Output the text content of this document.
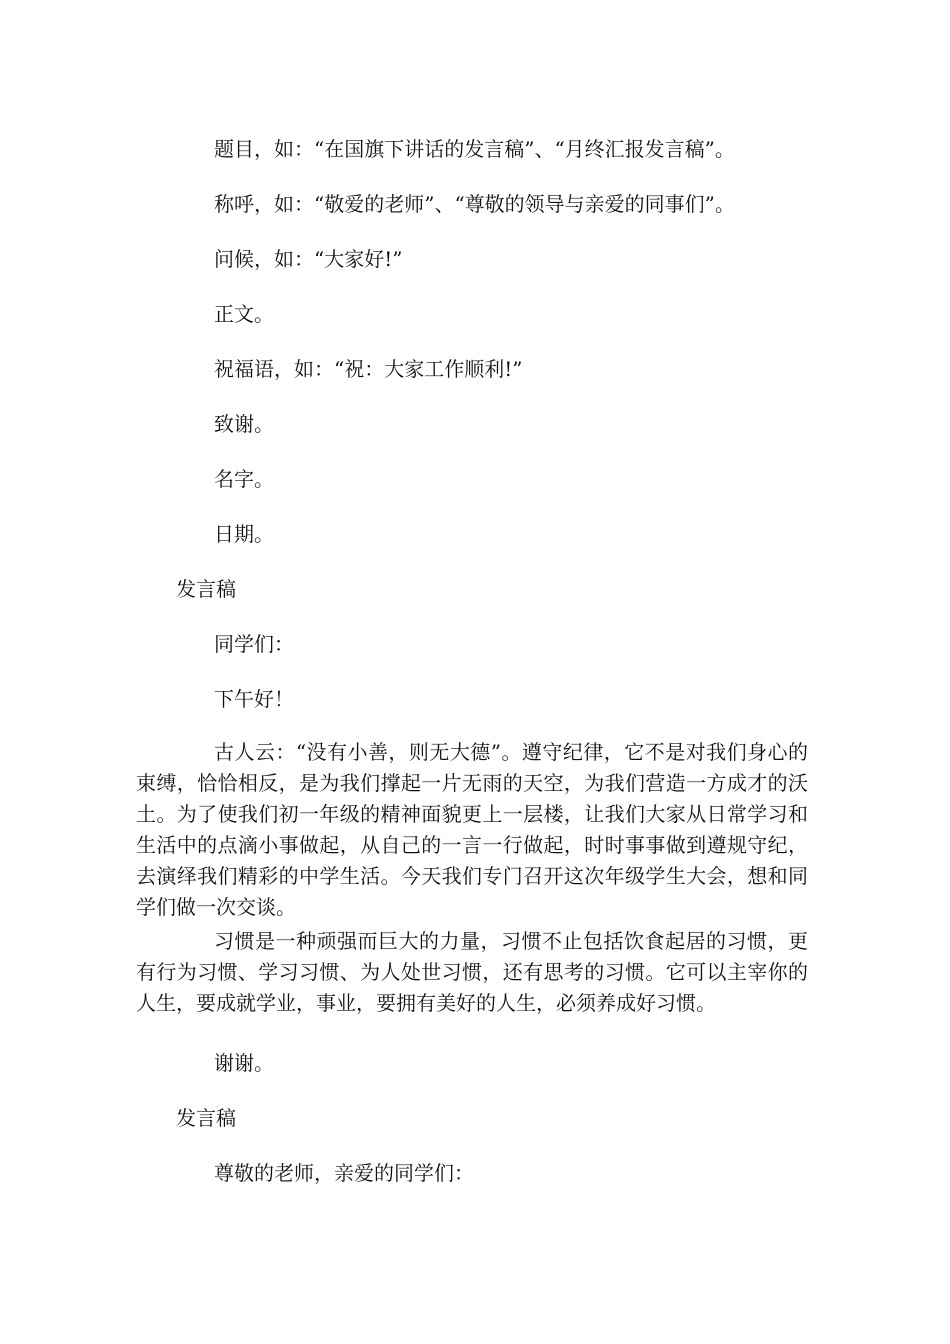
题目，如：“在国旗下讲话的发言稿”、“月终汇报发言稿”。
称呼，如：“敬爱的老师”、“尊敬的领导与亲爱的同事们”。
问候，如：“大家好!”
正文。
祝福语，如：“祝：大家工作顺利!”
致谢。
名字。
日期。
发言稿
同学们：
下午好！
古人云：“没有小善，则无大德”。遵守纪律，它不是对我们身心的束缚，恰恰相反，是为我们撑起一片无雨的天空，为我们营造一方成才的沃土。为了使我们初一年级的精神面貌更上一层楼，让我们大家从日常学习和生活中的点滴小事做起，从自己的一言一行做起，时时事事做到遵规守纪，去演绎我们精彩的中学生活。今天我们专门召开这次年级学生大会，想和同学们做一次交谈。
习惯是一种顽强而巨大的力量，习惯不止包括饮食起居的习惯，更有行为习惯、学习习惯、为人处世习惯，还有思考的习惯。它可以主宰你的人生，要成就学业，事业，要拥有美好的人生，必须养成好习惯。
谢谢。
发言稿
尊敬的老师，亲爱的同学们：
